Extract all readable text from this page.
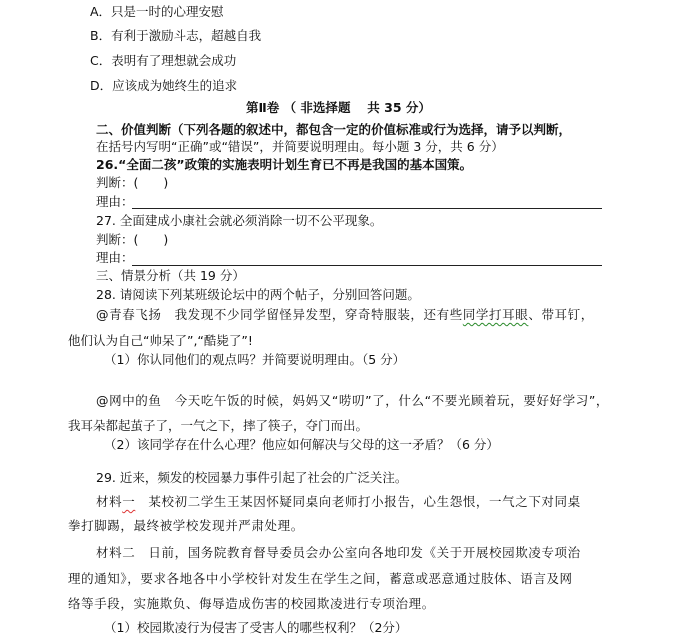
A．只是一时的心理安慰
B．有利于激励斗志，超越自我
C．表明有了理想就会成功
D．应该成为她终生的追求
第Ⅱ卷 （ 非选择题　 共 35 分）
二、价值判断（下列各题的叙述中，都包含一定的价值标准或行为选择，请予以判断，
在括号内写明“正确”或“错误”，并简要说明理由。每小题 3 分，共 6 分）
26.“全面二孩”政策的实施表明计划生育已不再是我国的基本国策。
判断：(　　)
理由：
27. 全面建成小康社会就必须消除一切不公平现象。
判断：(　　)
理由：
三、情景分析（共 19 分）
28. 请阅读下列某班级论坛中的两个帖子，分别回答问题。
@青春飞扬　我发现不少同学留怪异发型，穿奇特服装，还有些同学打耳眼、带耳钉，
他们认为自己“帅呆了”,“酷毙了”!
（1）你认同他们的观点吗？并简要说明理由。（5 分）
@网中的鱼　今天吃午饭的时候，妈妈又“唠叨”了，什么“不要光顾着玩，要好好学习”，
我耳朵都起茧子了，一气之下，摔了筷子，夺门而出。
（2）该同学存在什么心理？他应如何解决与父母的这一矛盾？（6 分）
29. 近来，频发的校园暴力事件引起了社会的广泛关注。
材料一　某校初二学生王某因怀疑同桌向老师打小报告，心生怨恨，一气之下对同桌
拳打脚踢，最终被学校发现并严肃处理。
材料二　日前，国务院教育督导委员会办公室向各地印发《关于开展校园欺凌专项治
理的通知》，要求各地各中小学校针对发生在学生之间，蓄意或恶意通过肢体、语言及网
络等手段，实施欺负、侮辱造成伤害的校园欺凌进行专项治理。
（1）校园欺凌行为侵害了受害人的哪些权利？（2分）
